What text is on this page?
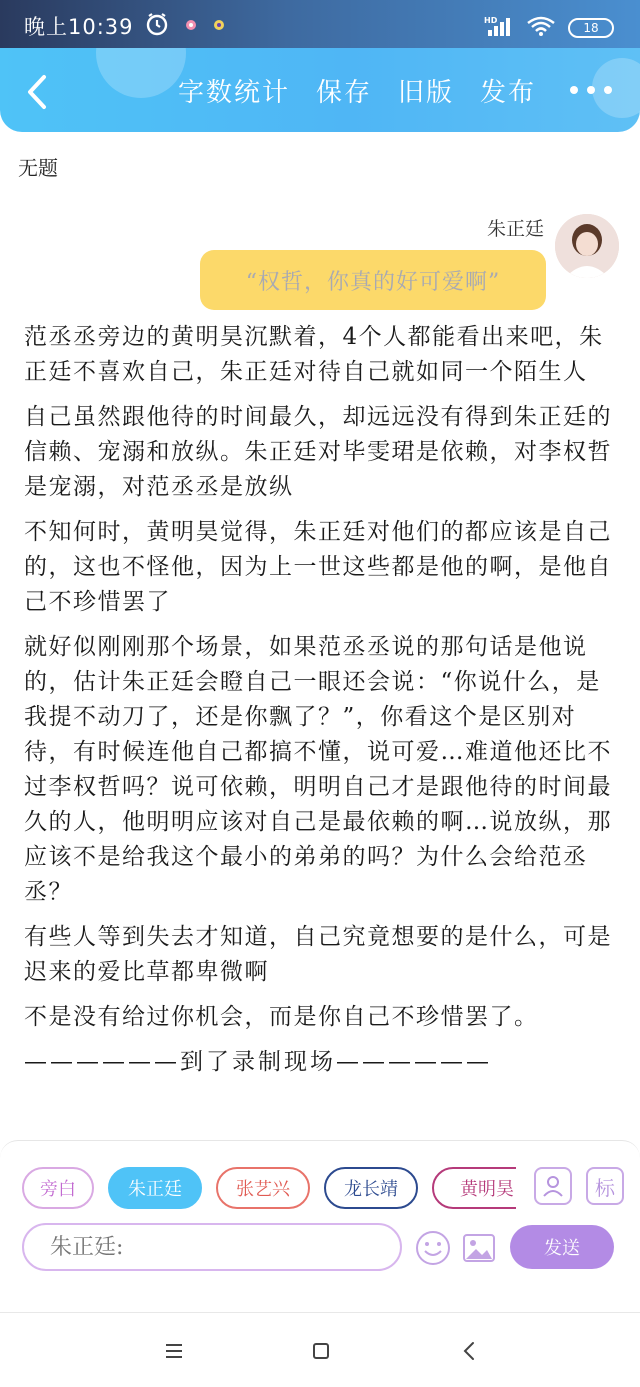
晚上10:39	HD
18
字数统计 保存 旧版 发布
无题
朱正廷
“权哲，你真的好可爱啊”

范丞丞旁边的黄明昊沉默着，4个人都能看出来吧，朱正廷不喜欢自己，朱正廷对待自己就如同一个陌生人

自己虽然跟他待的时间最久，却远远没有得到朱正廷的信赖、宠溺和放纵。朱正廷对毕雯珺是依赖，对李权哲是宠溺，对范丞丞是放纵

不知何时，黄明昊觉得，朱正廷对他们的都应该是自己的，这也不怪他，因为上一世这些都是他的啊，是他自己不珍惜罢了

就好似刚刚那个场景，如果范丞丞说的那句话是他说的，估计朱正廷会瞪自己一眼还会说：“你说什么，是我提不动刀了，还是你飘了？”，你看这个是区别对待，有时候连他自己都搞不懂，说可爱…难道他还比不过李权哲吗？说可依赖，明明自己才是跟他待的时间最久的人，他明明应该对自己是最依赖的啊…说放纵，那应该不是给我这个最小的弟弟的吗？为什么会给范丞丞？

有些人等到失去才知道，自己究竟想要的是什么，可是迟来的爱比草都卑微啊

不是没有给过你机会，而是你自己不珍惜罢了。

——————到了录制现场——————

旁白	朱正廷	张艺兴	龙长靖	黄明昊	标
朱正廷:
发送
